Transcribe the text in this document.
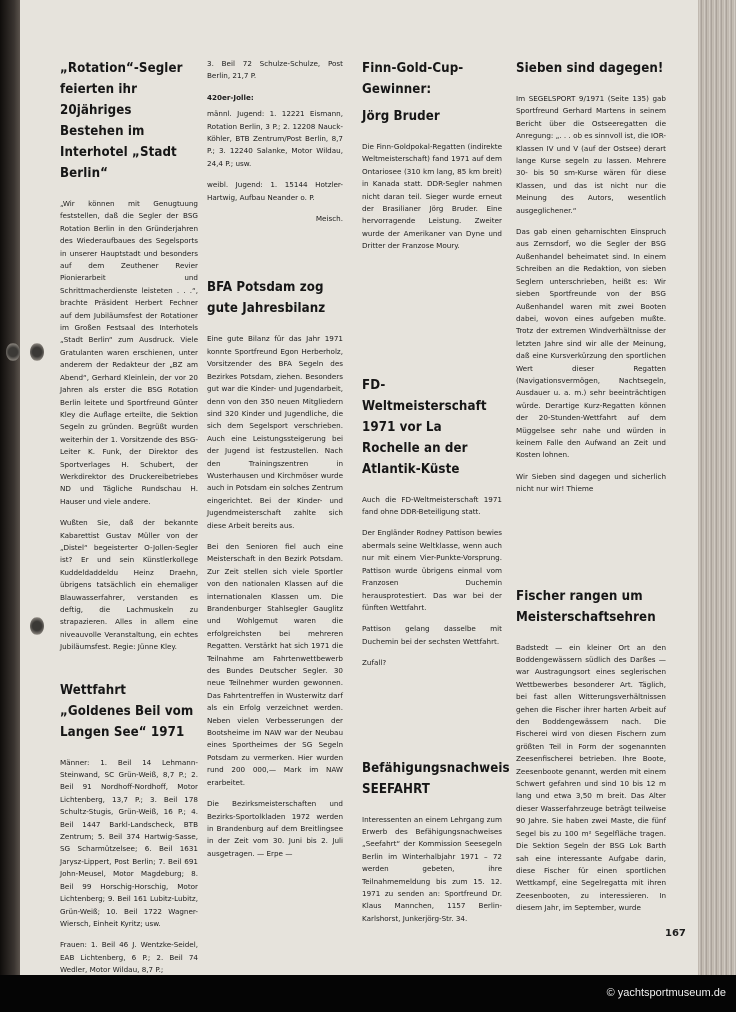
„Rotation“-Segler feierten ihr 20jähriges Bestehen im Interhotel „Stadt Berlin“

„Wir können mit Genugtuung feststellen, daß die Segler der BSG Rotation Berlin in den Gründerjahren des Wiederaufbaues des Segelsports in unserer Hauptstadt und besonders auf dem Zeuthener Revier Pionierarbeit und Schrittmacherdienste leisteten . . .“, brachte Präsident Herbert Fechner auf dem Jubiläumsfest der Rotationer im Großen Festsaal des Interhotels „Stadt Berlin“ zum Ausdruck. Viele Gratulanten waren erschienen, unter anderem der Redakteur der „BZ am Abend“, Gerhard Kleinlein, der vor 20 Jahren als erster die BSG Rotation Berlin leitete und Sportfreund Günter Kley die Auflage erteilte, die Sektion Segeln zu gründen. Begrüßt wurden weiterhin der 1. Vorsitzende des BSG-Leiter K. Funk, der Direktor des Sportverlages H. Schubert, der Werkdirektor des Druckereibetriebes ND und Tägliche Rundschau H. Hauser und viele andere.

Wußten Sie, daß der bekannte Kabarettist Gustav Müller von der „Distel“ begeisterter O-Jollen-Segler ist? Er und sein Künstlerkollege Kuddeldaddeldu Heinz Draehn, übrigens tatsächlich ein ehemaliger Blauwasserfahrer, verstanden es deftig, die Lachmuskeln zu strapazieren. Alles in allem eine niveauvolle Veranstaltung, ein echtes Jubiläumsfest. Regie: Jünne Kley.

Wettfahrt „Goldenes Beil vom Langen See“ 1971

Männer: 1. Beil 14 Lehmann-Steinwand, SC Grün-Weiß, 8,7 P.; 2. Beil 91 Nordhoff-Nordhoff, Motor Lichtenberg, 13,7 P.; 3. Beil 178 Schultz-Stugis, Grün-Weiß, 16 P.; 4. Beil 1447 Barkl-Landscheck, BTB Zentrum; 5. Beil 374 Hartwig-Sasse, SG Scharmützelsee; 6. Beil 1631 Jarysz-Lippert, Post Berlin; 7. Beil 691 John-Meusel, Motor Magdeburg; 8. Beil 99 Horschig-Horschig, Motor Lichtenberg; 9. Beil 161 Lubitz-Lubitz, Grün-Weiß; 10. Beil 1722 Wagner-Wiersch, Einheit Kyritz; usw.

Frauen: 1. Beil 46 J. Wentzke-Seidel, EAB Lichtenberg, 6 P.; 2. Beil 74 Wedler, Motor Wildau, 8,7 P.;

3. Beil 72 Schulze-Schulze, Post Berlin, 21,7 P.

420er-Jolle:

männl. Jugend: 1. 12221 Eismann, Rotation Berlin, 3 P.; 2. 12208 Nauck-Köhler, BTB Zentrum/Post Berlin, 8,7 P.; 3. 12240 Salanke, Motor Wildau, 24,4 P.; usw.

weibl. Jugend: 1. 15144 Hotzler-Hartwig, Aufbau Neander o. P.

Meisch.

BFA Potsdam zog gute Jahresbilanz

Eine gute Bilanz für das Jahr 1971 konnte Sportfreund Egon Herberholz, Vorsitzender des BFA Segeln des Bezirkes Potsdam, ziehen. Besonders gut war die Kinder- und Jugendarbeit, denn von den 350 neuen Mitgliedern sind 320 Kinder und Jugendliche, die sich dem Segelsport verschrieben. Auch eine Leistungssteigerung bei der Jugend ist festzustellen. Nach den Trainingszentren in Wusterhausen und Kirchmöser wurde auch in Potsdam ein solches Zentrum eingerichtet. Bei der Kinder- und Jugendmeisterschaft zahlte sich diese Arbeit bereits aus.

Bei den Senioren fiel auch eine Meisterschaft in den Bezirk Potsdam. Zur Zeit stellen sich viele Sportler von den nationalen Klassen auf die internationalen Klassen um. Die Brandenburger Stahlsegler Gauglitz und Wohlgemut waren die erfolgreichsten bei mehreren Regatten. Verstärkt hat sich 1971 die Teilnahme am Fahrtenwettbewerb des Bundes Deutscher Segler. 30 neue Teilnehmer wurden gewonnen. Das Fahrtentreffen in Wusterwitz darf als ein Erfolg verzeichnet werden. Neben vielen Verbesserungen der Bootsheime im NAW war der Neubau eines Sportheimes der SG Segeln Potsdam zu vermerken. Hier wurden rund 200 000,— Mark im NAW erarbeitet.

Die Bezirksmeisterschaften und Bezirks-Sportolkladen 1972 werden in Brandenburg auf dem Breitlingsee in der Zeit vom 30. Juni bis 2. Juli ausgetragen. — Erpe —

Finn-Gold-Cup-Gewinner:
Jörg Bruder

Die Finn-Goldpokal-Regatten (indirekte Weltmeisterschaft) fand 1971 auf dem Ontariosee (310 km lang, 85 km breit) in Kanada statt. DDR-Segler nahmen nicht daran teil. Sieger wurde erneut der Brasilianer Jörg Bruder. Eine hervorragende Leistung. Zweiter wurde der Amerikaner van Dyne und Dritter der Franzose Moury.

FD-Weltmeisterschaft 1971 vor La Rochelle an der Atlantik-Küste

Auch die FD-Weltmeisterschaft 1971 fand ohne DDR-Beteiligung statt.

Der Engländer Rodney Pattison bewies abermals seine Weltklasse, wenn auch nur mit einem Vier-Punkte-Vorsprung. Pattison wurde übrigens einmal vom Franzosen Duchemin herausprotestiert. Das war bei der fünften Wettfahrt.

Pattison gelang dasselbe mit Duchemin bei der sechsten Wettfahrt.

Zufall?

Befähigungsnachweis SEEFAHRT

Interessenten an einem Lehrgang zum Erwerb des Befähigungsnachweises „Seefahrt“ der Kommission Seesegeln Berlin im Winterhalbjahr 1971 – 72 werden gebeten, ihre Teilnahmemeldung bis zum 15. 12. 1971 zu senden an: Sportfreund Dr. Klaus Mannchen, 1157 Berlin-Karlshorst, Junkerjörg-Str. 34.

Sieben sind dagegen!

Im SEGELSPORT 9/1971 (Seite 135) gab Sportfreund Gerhard Martens in seinem Bericht über die Ostseeregatten die Anregung: „. . . ob es sinnvoll ist, die IOR-Klassen IV und V (auf der Ostsee) derart lange Kurse segeln zu lassen. Mehrere 30- bis 50 sm-Kurse wären für diese Klassen, und das ist nicht nur die Meinung des Autors, wesentlich ausgeglichener.“

Das gab einen geharnischten Einspruch aus Zernsdorf, wo die Segler der BSG Außenhandel beheimatet sind. In einem Schreiben an die Redaktion, von sieben Seglern unterschrieben, heißt es: Wir sieben Sportfreunde von der BSG Außenhandel waren mit zwei Booten dabei, wovon eines aufgeben mußte. Trotz der extremen Windverhältnisse der letzten Jahre sind wir alle der Meinung, daß eine Kursverkürzung den sportlichen Wert dieser Regatten (Navigationsvermögen, Nachtsegeln, Ausdauer u. a. m.) sehr beeinträchtigen würde. Derartige Kurz-Regatten können der 20-Stunden-Wettfahrt auf dem Müggelsee sehr nahe und würden in keinem Falle den Aufwand an Zeit und Kosten lohnen.

Wir Sieben sind dagegen und sicherlich nicht nur wir! Thieme

Fischer rangen um Meisterschaftsehren

Badstedt — ein kleiner Ort an den Boddengewässern südlich des Darßes — war Austragungsort eines seglerischen Wettbewerbes besonderer Art. Täglich, bei fast allen Witterungsverhältnissen gehen die Fischer ihrer harten Arbeit auf den Boddengewässern nach. Die Fischerei wird von diesen Fischern zum größten Teil in Form der sogenannten Zeesenfischerei betrieben. Ihre Boote, Zeesenboote genannt, werden mit einem Schwert gefahren und sind 10 bis 12 m lang und etwa 3,50 m breit. Das Alter dieser Wasserfahrzeuge beträgt teilweise 90 Jahre. Sie haben zwei Maste, die fünf Segel bis zu 100 m² Segelfläche tragen. Die Sektion Segeln der BSG Lok Barth sah eine interessante Aufgabe darin, diese Fischer für einen sportlichen Wettkampf, eine Segelregatta mit ihren Zeesenbooten, zu interessieren. In diesem Jahr, im September, wurde

167
© yachtsportmuseum.de
